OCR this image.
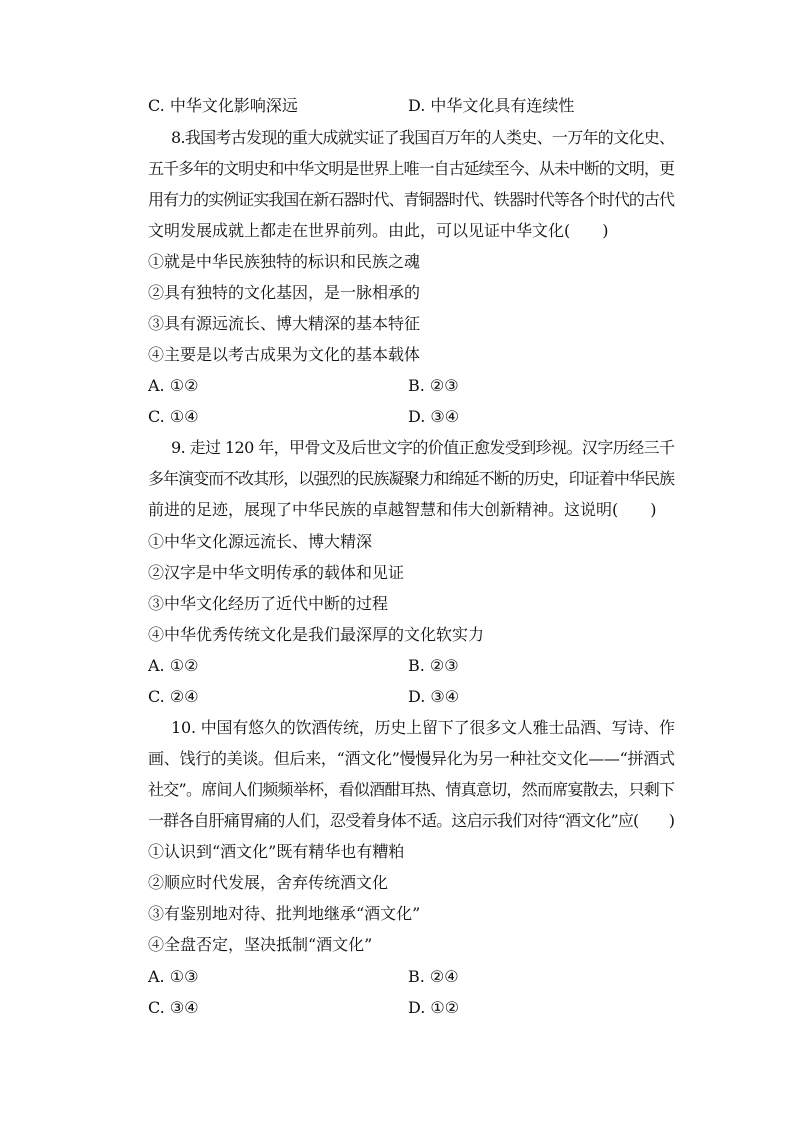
C. 中华文化影响深远	D. 中华文化具有连续性
8.我国考古发现的重大成就实证了我国百万年的人类史、一万年的文化史、
五千多年的文明史和中华文明是世界上唯一自古延续至今、从未中断的文明，更
用有力的实例证实我国在新石器时代、青铜器时代、铁器时代等各个时代的古代
文明发展成就上都走在世界前列。由此，可以见证中华文化(　　)
①就是中华民族独特的标识和民族之魂
②具有独特的文化基因，是一脉相承的
③具有源远流长、博大精深的基本特征
④主要是以考古成果为文化的基本载体
A. ①②	B. ②③
C. ①④	D. ③④
9. 走过 120 年，甲骨文及后世文字的价值正愈发受到珍视。汉字历经三千
多年演变而不改其形，以强烈的民族凝聚力和绵延不断的历史，印证着中华民族
前进的足迹，展现了中华民族的卓越智慧和伟大创新精神。这说明(　　)
①中华文化源远流长、博大精深
②汉字是中华文明传承的载体和见证
③中华文化经历了近代中断的过程
④中华优秀传统文化是我们最深厚的文化软实力
A. ①②	B. ②③
C. ②④	D. ③④
10. 中国有悠久的饮酒传统，历史上留下了很多文人雅士品酒、写诗、作
画、饯行的美谈。但后来，“酒文化”慢慢异化为另一种社交文化——“拼酒式
社交”。席间人们频频举杯，看似酒酣耳热、情真意切，然而席宴散去，只剩下
一群各自肝痛胃痛的人们，忍受着身体不适。这启示我们对待“酒文化”应(　　)
①认识到“酒文化”既有精华也有糟粕
②顺应时代发展，舍弃传统酒文化
③有鉴别地对待、批判地继承“酒文化”
④全盘否定，坚决抵制“酒文化”
A. ①③	B. ②④
C. ③④	D. ①②
